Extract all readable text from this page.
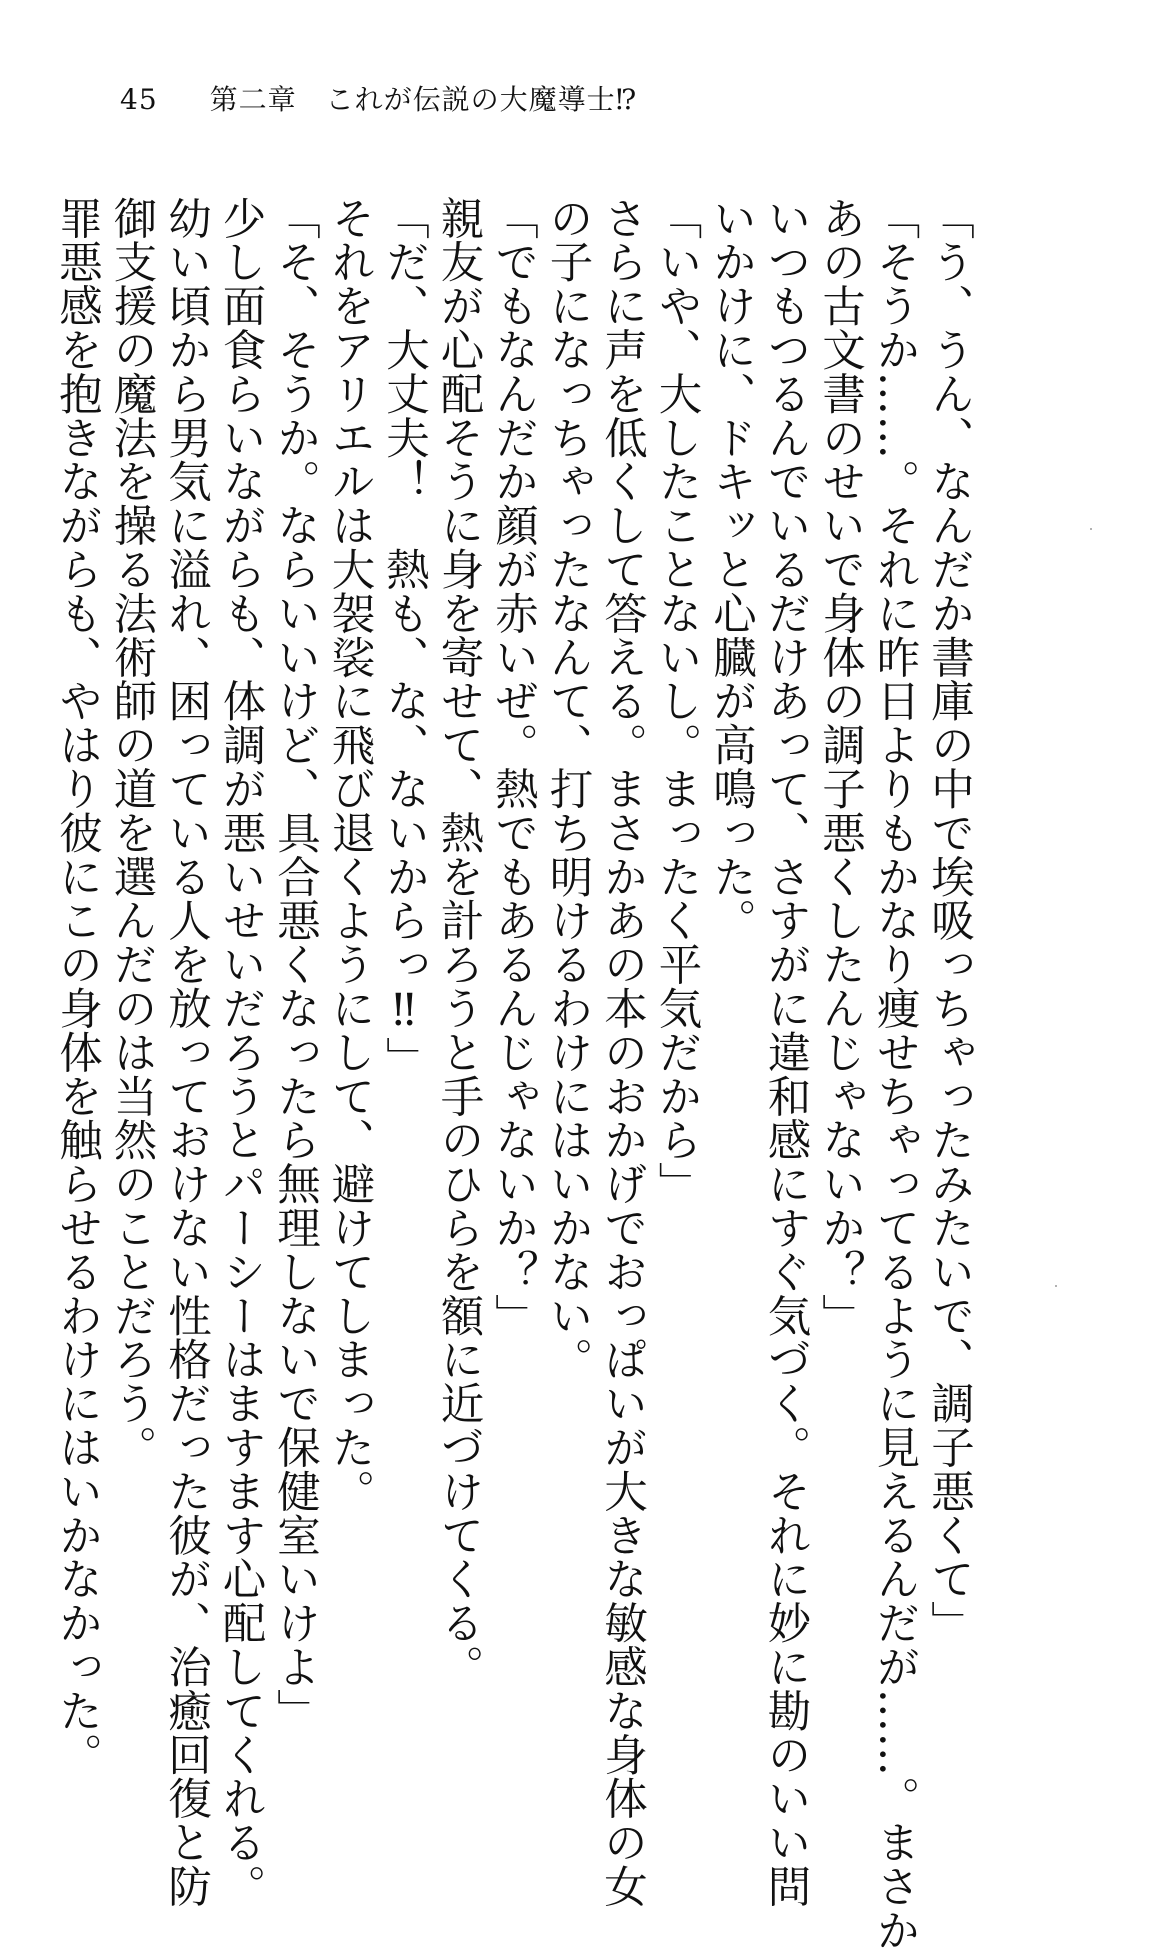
45 第二章　これが伝説の大魔導士⁉
「う、うん、なんだか書庫の中で埃吸っちゃったみたいで、調子悪くて」
「そうか……。それに昨日よりもかなり痩せちゃってるように見えるんだが……。まさか
あの古文書のせいで身体の調子悪くしたんじゃないか？」
いつもつるんでいるだけあって、さすがに違和感にすぐ気づく。それに妙に勘のいい問
いかけに、ドキッと心臓が高鳴った。
「いや、大したことないし。まったく平気だから」
さらに声を低くして答える。まさかあの本のおかげでおっぱいが大きな敏感な身体の女
の子になっちゃったなんて、打ち明けるわけにはいかない。
「でもなんだか顔が赤いぜ。熱でもあるんじゃないか？」
親友が心配そうに身を寄せて、熱を計ろうと手のひらを額に近づけてくる。
「だ、大丈夫！　熱も、な、ないからっ‼」
それをアリエルは大袈裟に飛び退くようにして、避けてしまった。
「そ、そうか。ならいいけど、具合悪くなったら無理しないで保健室いけよ」
少し面食らいながらも、体調が悪いせいだろうとパーシーはますます心配してくれる。
幼い頃から男気に溢れ、困っている人を放っておけない性格だった彼が、治癒回復と防
御支援の魔法を操る法術師の道を選んだのは当然のことだろう。
罪悪感を抱きながらも、やはり彼にこの身体を触らせるわけにはいかなかった。
